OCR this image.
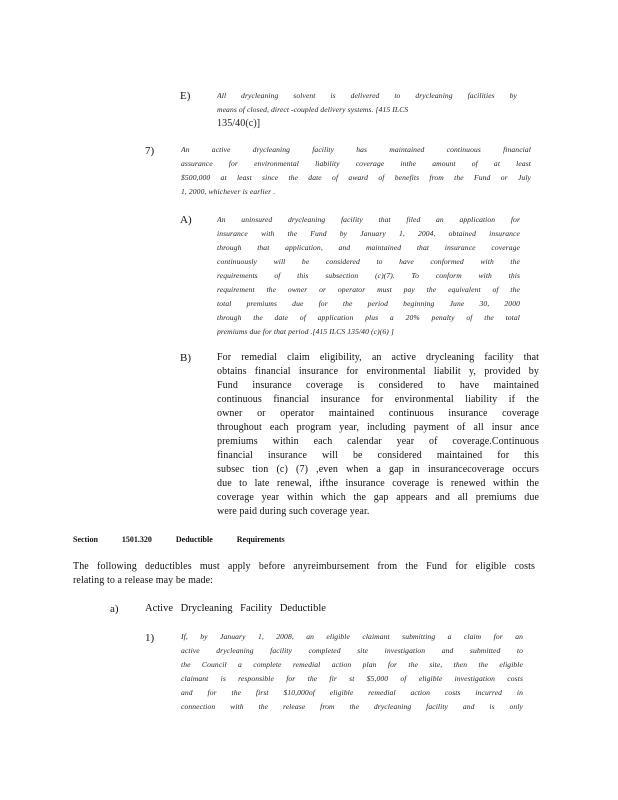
E)	All drycleaning solvent is delivered to drycleaning facilities by
means of closed, direct -coupled delivery systems. [415 ILCS
135/40(c)]
7)	An active drycleaning facility has maintained continuous financial
assurance for environmental liability coverage inthe amount of at least
$500,000 at least since the date of award of benefits from the Fund or July
1, 2000, whichever is earlier .
A)	An uninsured drycleaning facility that filed an application for
insurance with the Fund by January 1, 2004, obtained insurance
through that application, and maintained that insurance coverage
continuously will be considered to have conformed with the
requirements of this subsection (c)(7). To conform with this
requirement the owner or operator must pay the equivalent of the
total premiums due for the period beginning June 30, 2000
through the date of application plus a 20% penalty of the total
premiums due for that period .[415 ILCS 135/40 (c)(6) ]
B)	For remedial claim eligibility, an active drycleaning facility that
obtains financial insurance for environmental liabilit y, provided by
Fund insurance coverage is considered to have maintained
continuous financial insurance for environmental liability if the
owner or operator maintained continuous insurance coverage
throughout each program year, including payment of all insur ance
premiums within each calendar year of coverage.Continuous
financial insurance will be considered maintained for this
subsec tion (c) (7) ,even when a gap in insurancecoverage occurs
due to late renewal, ifthe insurance coverage is renewed within the
coverage year within which the gap appears and all premiums due
were paid during such coverage year.
Section 1501.320 Deductible Requirements
The following deductibles must apply before anyreimbursement from the Fund for eligible costs
relating to a release may be made:
a)	Active Drycleaning Facility Deductible
1)	If, by January 1, 2008, an eligible claimant submitting a claim for an
active drycleaning facility completed site investigation and submitted to
the Council a complete remedial action plan for the site, then the eligible
claimant is responsible for the fir st $5,000 of eligible investigation costs
and for the first $10,000of eligible remedial action costs incurred in
connection with the release from the drycleaning facility and is only
